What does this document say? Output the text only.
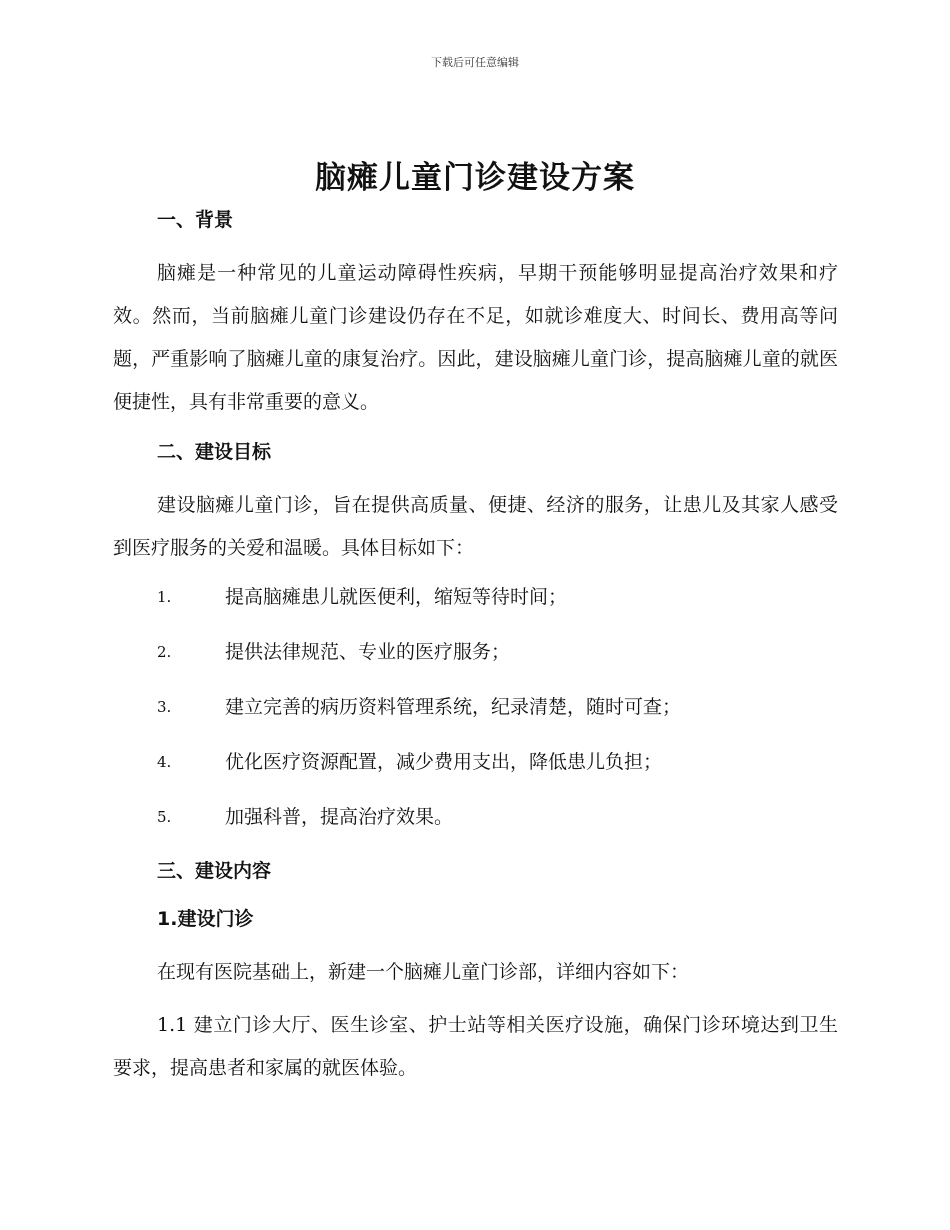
下载后可任意编辑
脑瘫儿童门诊建设方案
一、背景

脑瘫是一种常见的儿童运动障碍性疾病，早期干预能够明显提高治疗效果和疗效。然而，当前脑瘫儿童门诊建设仍存在不足，如就诊难度大、时间长、费用高等问题，严重影响了脑瘫儿童的康复治疗。因此，建设脑瘫儿童门诊，提高脑瘫儿童的就医便捷性，具有非常重要的意义。

二、建设目标

建设脑瘫儿童门诊，旨在提供高质量、便捷、经济的服务，让患儿及其家人感受到医疗服务的关爱和温暖。具体目标如下：

1.	提高脑瘫患儿就医便利，缩短等待时间；
2.	提供法律规范、专业的医疗服务；
3.	建立完善的病历资料管理系统，纪录清楚，随时可查；
4.	优化医疗资源配置，减少费用支出，降低患儿负担；
5.	加强科普，提高治疗效果。
三、建设内容
1.建设门诊

在现有医院基础上，新建一个脑瘫儿童门诊部，详细内容如下：

1.1 建立门诊大厅、医生诊室、护士站等相关医疗设施，确保门诊环境达到卫生要求，提高患者和家属的就医体验。
